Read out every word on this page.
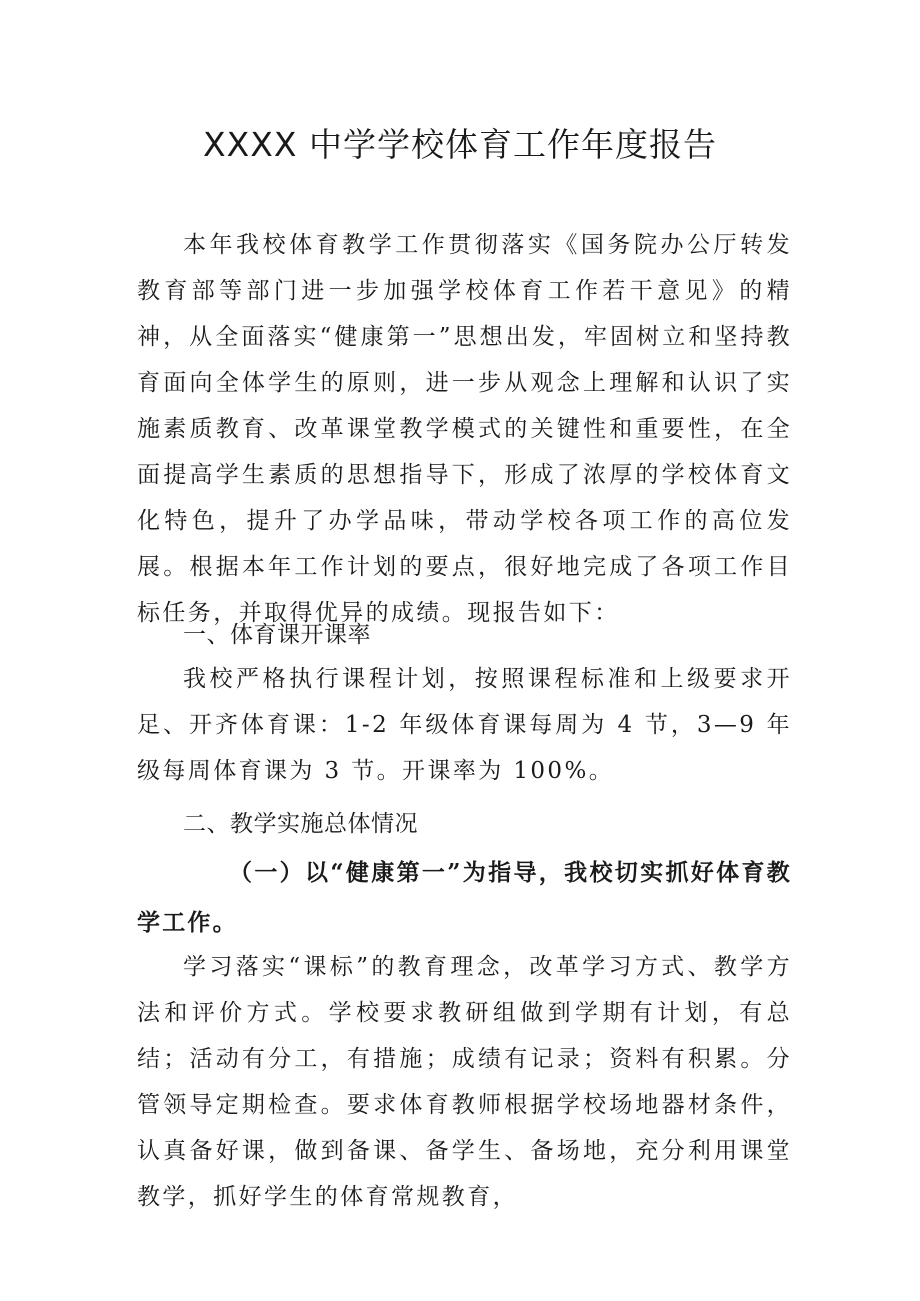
XXXX 中学学校体育工作年度报告

本年我校体育教学工作贯彻落实《国务院办公厅转发教育部等部门进一步加强学校体育工作若干意见》的精神，从全面落实“健康第一”思想出发，牢固树立和坚持教育面向全体学生的原则，进一步从观念上理解和认识了实施素质教育、改革课堂教学模式的关键性和重要性，在全面提高学生素质的思想指导下，形成了浓厚的学校体育文化特色，提升了办学品味，带动学校各项工作的高位发展。根据本年工作计划的要点，很好地完成了各项工作目标任务，并取得优异的成绩。现报告如下：

一、体育课开课率

我校严格执行课程计划，按照课程标准和上级要求开足、开齐体育课：1-2 年级体育课每周为 4 节，3—9 年级每周体育课为 3 节。开课率为 100%。

二、教学实施总体情况

（一）以“健康第一”为指导，我校切实抓好体育教学工作。

学习落实“课标”的教育理念，改革学习方式、教学方法和评价方式。学校要求教研组做到学期有计划，有总结；活动有分工，有措施；成绩有记录；资料有积累。分管领导定期检查。要求体育教师根据学校场地器材条件，认真备好课，做到备课、备学生、备场地，充分利用课堂教学，抓好学生的体育常规教育，
